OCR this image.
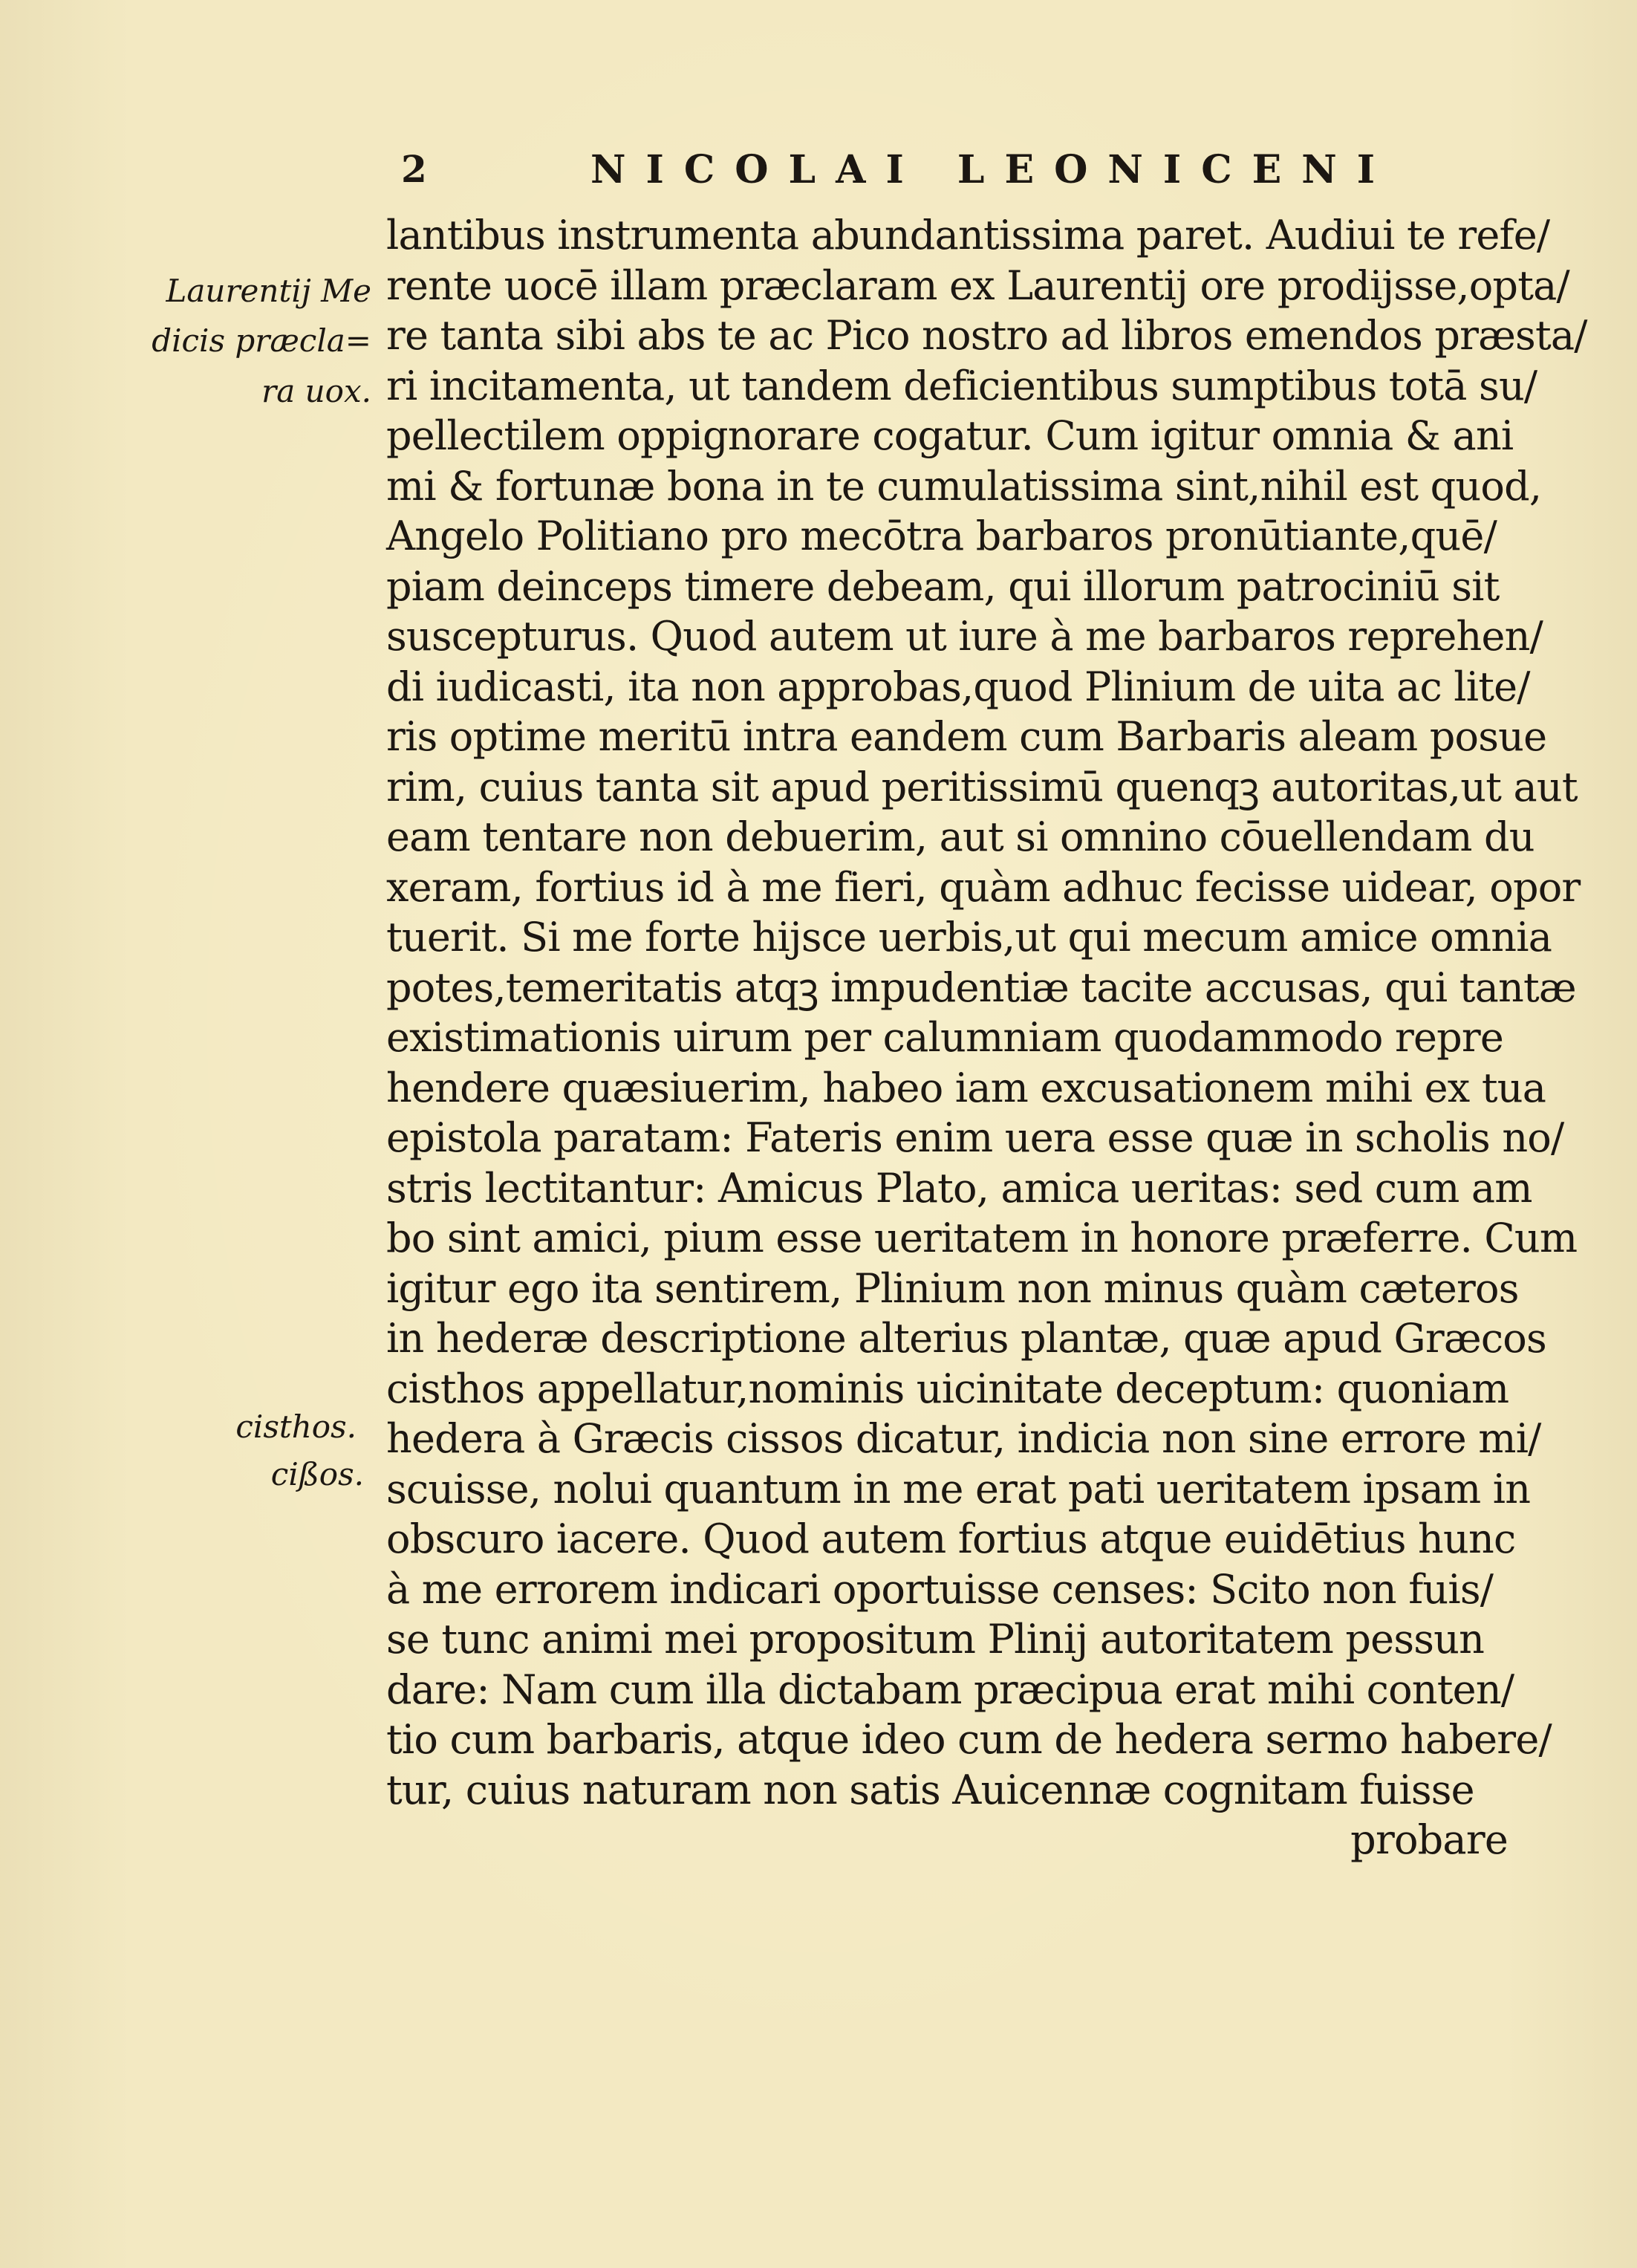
2	NICOLAI LEONICENI
Laurentij Me
dicis præcla=
ra uox.
cisthos.
cißos.
lantibus instrumenta abundantissima paret. Audiui te refe/
rente uocē illam præclaram ex Laurentij ore prodijsse,opta/
re tanta sibi abs te ac Pico nostro ad libros emendos præsta/
ri incitamenta, ut tandem deficientibus sumptibus totā su/
pellectilem oppignorare cogatur. Cum igitur omnia & ani
mi & fortunæ bona in te cumulatissima sint,nihil est quod,
Angelo Politiano pro mecōtra barbaros pronūtiante,quē/
piam deinceps timere debeam, qui illorum patrociniū sit
suscepturus. Quod autem ut iure à me barbaros reprehen/
di iudicasti, ita non approbas,quod Plinium de uita ac lite/
ris optime meritū intra eandem cum Barbaris aleam posue
rim, cuius tanta sit apud peritissimū quenqꝫ autoritas,ut aut
eam tentare non debuerim, aut si omnino cōuellendam du
xeram, fortius id à me fieri, quàm adhuc fecisse uidear, opor
tuerit. Si me forte hijsce uerbis,ut qui mecum amice omnia
potes,temeritatis atqꝫ impudentiæ tacite accusas, qui tantæ
existimationis uirum per calumniam quodammodo repre
hendere quæsiuerim, habeo iam excusationem mihi ex tua
epistola paratam: Fateris enim uera esse quæ in scholis no/
stris lectitantur: Amicus Plato, amica ueritas: sed cum am
bo sint amici, pium esse ueritatem in honore præferre. Cum
igitur ego ita sentirem, Plinium non minus quàm cæteros
in hederæ descriptione alterius plantæ, quæ apud Græcos
cisthos appellatur,nominis uicinitate deceptum: quoniam
hedera à Græcis cissos dicatur, indicia non sine errore mi/
scuisse, nolui quantum in me erat pati ueritatem ipsam in
obscuro iacere. Quod autem fortius atque euidētius hunc
à me errorem indicari oportuisse censes: Scito non fuis/
se tunc animi mei propositum Plinij autoritatem pessun
dare: Nam cum illa dictabam præcipua erat mihi conten/
tio cum barbaris, atque ideo cum de hedera sermo habere/
tur, cuius naturam non satis Auicennæ cognitam fuisse
probare
